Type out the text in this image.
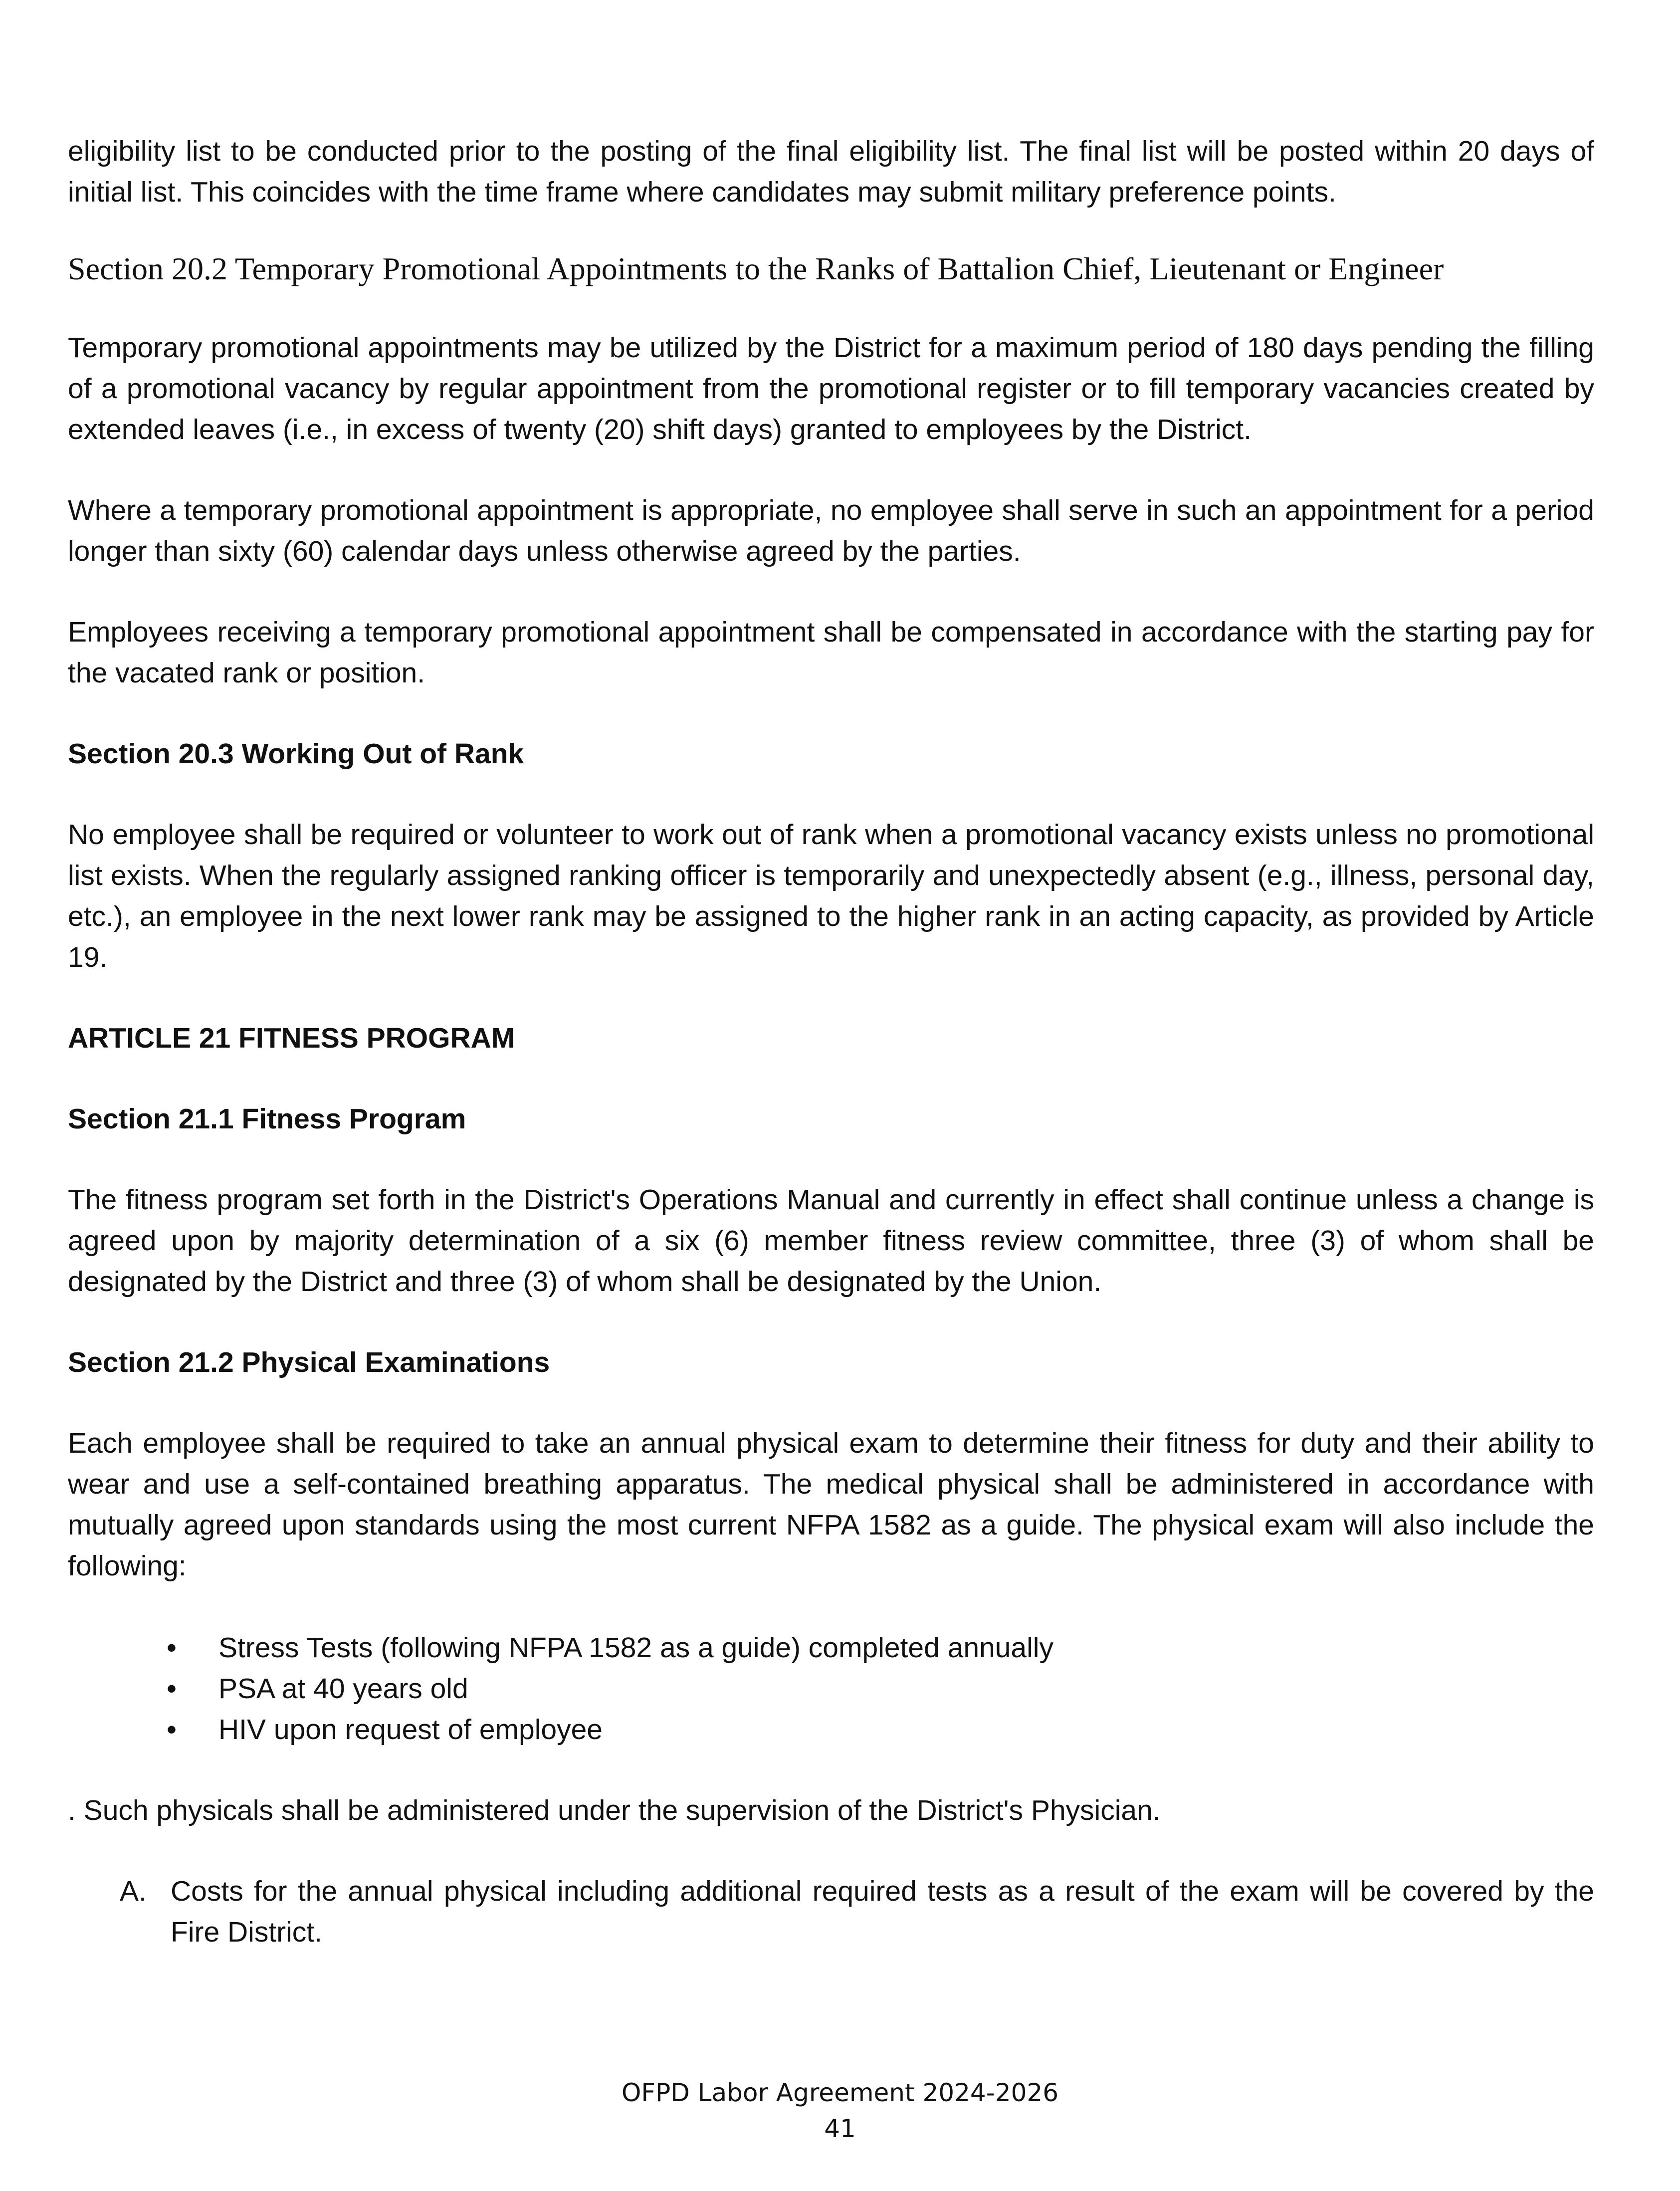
eligibility list to be conducted prior to the posting of the final eligibility list. The final list will be posted within 20 days of initial list. This coincides with the time frame where candidates may submit military preference points.

Section 20.2 Temporary Promotional Appointments to the Ranks of Battalion Chief, Lieutenant or Engineer

Temporary promotional appointments may be utilized by the District for a maximum period of 180 days pending the filling of a promotional vacancy by regular appointment from the promotional register or to fill temporary vacancies created by extended leaves (i.e., in excess of twenty (20) shift days) granted to employees by the District.

Where a temporary promotional appointment is appropriate, no employee shall serve in such an appointment for a period longer than sixty (60) calendar days unless otherwise agreed by the parties.

Employees receiving a temporary promotional appointment shall be compensated in accordance with the starting pay for the vacated rank or position.

Section 20.3 Working Out of Rank

No employee shall be required or volunteer to work out of rank when a promotional vacancy exists unless no promotional list exists. When the regularly assigned ranking officer is temporarily and unexpectedly absent (e.g., illness, personal day, etc.), an employee in the next lower rank may be assigned to the higher rank in an acting capacity, as provided by Article 19.

ARTICLE 21 FITNESS PROGRAM

Section 21.1 Fitness Program

The fitness program set forth in the District's Operations Manual and currently in effect shall continue unless a change is agreed upon by majority determination of a six (6) member fitness review committee, three (3) of whom shall be designated by the District and three (3) of whom shall be designated by the Union.

Section 21.2 Physical Examinations

Each employee shall be required to take an annual physical exam to determine their fitness for duty and their ability to wear and use a self-contained breathing apparatus. The medical physical shall be administered in accordance with mutually agreed upon standards using the most current NFPA 1582 as a guide. The physical exam will also include the following:

• Stress Tests (following NFPA 1582 as a guide) completed annually
• PSA at 40 years old
• HIV upon request of employee

. Such physicals shall be administered under the supervision of the District's Physician.

A. Costs for the annual physical including additional required tests as a result of the exam will be covered by the Fire District.

OFPD Labor Agreement 2024-2026
41
